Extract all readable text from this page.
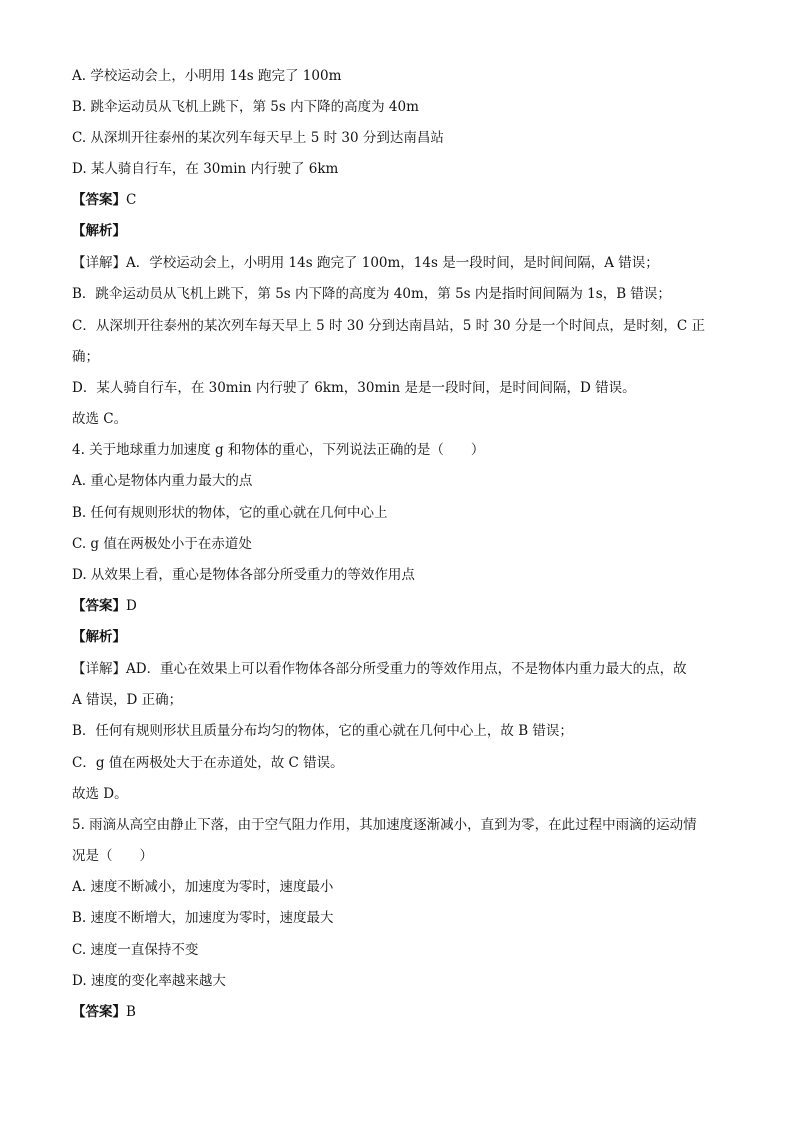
A. 学校运动会上，小明用 14s 跑完了 100m
B. 跳伞运动员从飞机上跳下，第 5s 内下降的高度为 40m
C. 从深圳开往泰州的某次列车每天早上 5 时 30 分到达南昌站
D. 某人骑自行车，在 30min 内行驶了 6km
【答案】C
【解析】
【详解】A．学校运动会上，小明用 14s 跑完了 100m，14s 是一段时间，是时间间隔，A 错误；
B．跳伞运动员从飞机上跳下，第 5s 内下降的高度为 40m，第 5s 内是指时间间隔为 1s，B 错误；
C．从深圳开往泰州的某次列车每天早上 5 时 30 分到达南昌站，5 时 30 分是一个时间点，是时刻，C 正
确；
D．某人骑自行车，在 30min 内行驶了 6km，30min 是是一段时间，是时间间隔，D 错误。
故选 C。
4. 关于地球重力加速度 g 和物体的重心，下列说法正确的是（　　）
A. 重心是物体内重力最大的点
B. 任何有规则形状的物体，它的重心就在几何中心上
C. g 值在两极处小于在赤道处
D. 从效果上看，重心是物体各部分所受重力的等效作用点
【答案】D
【解析】
【详解】AD．重心在效果上可以看作物体各部分所受重力的等效作用点，不是物体内重力最大的点，故
A 错误，D 正确；
B．任何有规则形状且质量分布均匀的物体，它的重心就在几何中心上，故 B 错误；
C．g 值在两极处大于在赤道处，故 C 错误。
故选 D。
5. 雨滴从高空由静止下落，由于空气阻力作用，其加速度逐渐减小，直到为零，在此过程中雨滴的运动情
况是（　　）
A. 速度不断减小，加速度为零时，速度最小
B. 速度不断增大，加速度为零时，速度最大
C. 速度一直保持不变
D. 速度的变化率越来越大
【答案】B
